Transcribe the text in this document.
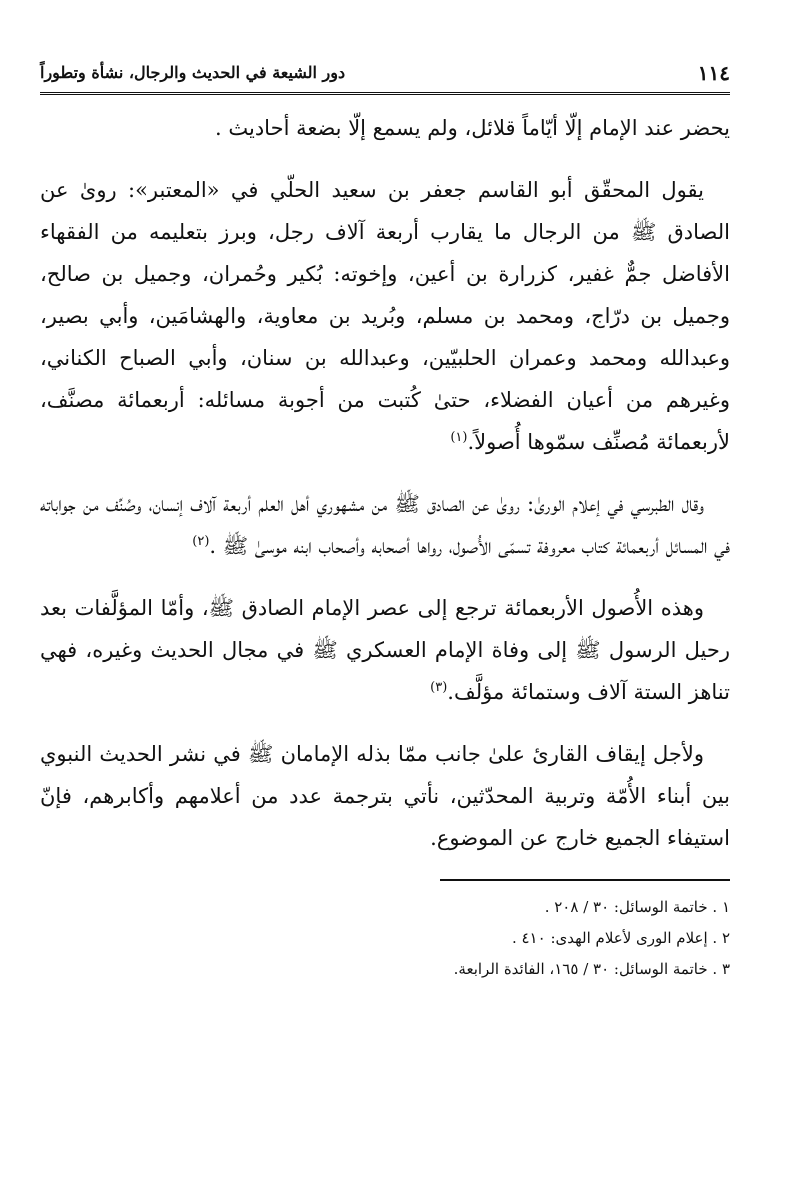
١١٤
دور الشيعة في الحديث والرجال، نشأة وتطوراً

يحضر عند الإمام إلّا أيّاماً قلائل، ولم يسمع إلّا بضعة أحاديث .

يقول المحقّق أبو القاسم جعفر بن سعيد الحلّي في «المعتبر»: روىٰ عن الصادق ﷺ من الرجال ما يقارب أربعة آلاف رجل، وبرز بتعليمه من الفقهاء الأفاضل جمٌّ غفير، كزرارة بن أعين، وإخوته: بُكير وحُمران، وجميل بن صالح، وجميل بن درّاج، ومحمد بن مسلم، وبُريد بن معاوية، والهشامَين، وأبي بصير، وعبدالله ومحمد وعمران الحلبيّين، وعبدالله بن سنان، وأبي الصباح الكناني، وغيرهم من أعيان الفضلاء، حتىٰ كُتبت من أجوبة مسائله: أربعمائة مصنَّف، لأربعمائة مُصنِّف سمّوها أُصولاً.$^{(١)}$

وقال الطبرسي في إعلام الورىٰ: روىٰ عن الصادق ﷺ من مشهوري أهل العلم أربعة آلاف إنسان، وصُنِّف من جواباته في المسائل أربعمائة كتاب معروفة تسمّى الأُصول، رواها أصحابه وأصحاب ابنه موسىٰ ﷺ .$^{(٢)}$

وهذه الأُصول الأربعمائة ترجع إلى عصر الإمام الصادق ﷺ، وأمّا المؤلَّفات بعد رحيل الرسول ﷺ إلى وفاة الإمام العسكري ﷺ في مجال الحديث وغيره، فهي تناهز الستة آلاف وستمائة مؤلَّف.$^{(٣)}$

ولأجل إيقاف القارئ علىٰ جانب ممّا بذله الإمامان ﷺ في نشر الحديث النبوي بين أبناء الأُمّة وتربية المحدّثين، نأتي بترجمة عدد من أعلامهم وأكابرهم، فإنّ استيفاء الجميع خارج عن الموضوع.

١ . خاتمة الوسائل: ٣٠ / ٢٠٨ .

٢ . إعلام الورى لأعلام الهدى: ٤١٠ .

٣ . خاتمة الوسائل: ٣٠ / ١٦٥، الفائدة الرابعة.
